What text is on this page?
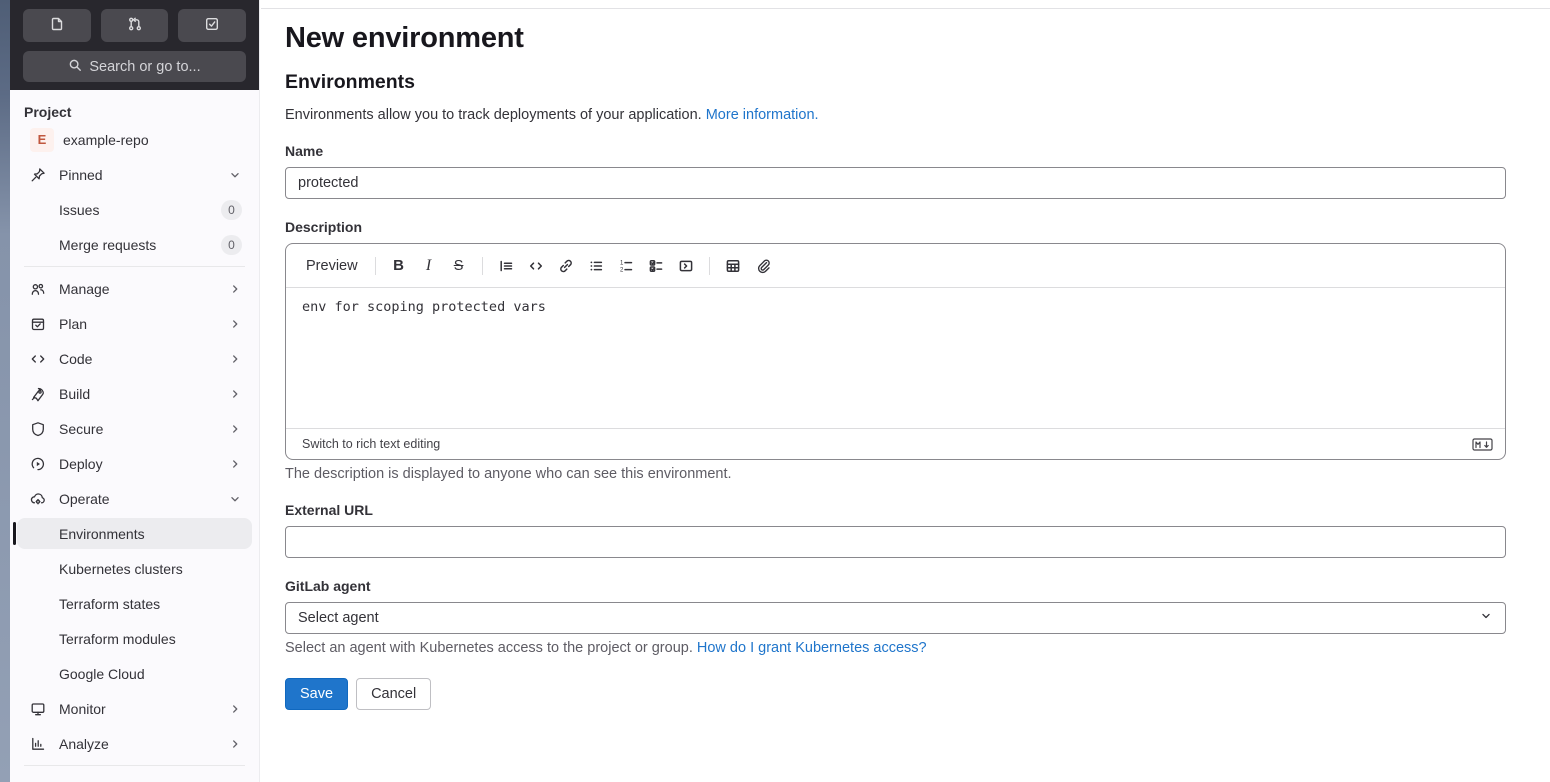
Search or go to...
Project
E	example-repo
Pinned
Issues	0
Merge requests	0
Manage
Plan
Code
Build
Secure
Deploy
Operate
Environments
Kubernetes clusters
Terraform states
Terraform modules
Google Cloud
Monitor
Analyze
New environment
Environments

Environments allow you to track deployments of your application. More information.

Name
protected
Description
Preview	B	I	S	1
2
env for scoping protected vars
Switch to rich text editing
The description is displayed to anyone who can see this environment.
External URL
GitLab agent
Select agent
Select an agent with Kubernetes access to the project or group. How do I grant Kubernetes access?
Save	Cancel
